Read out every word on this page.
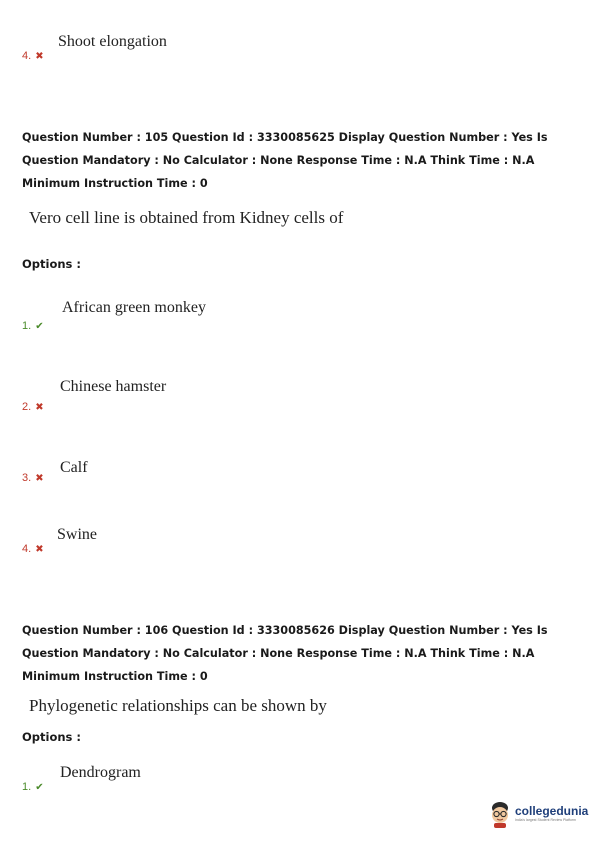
Shoot elongation
4. ✖
Question Number : 105 Question Id : 3330085625 Display Question Number : Yes Is Question Mandatory : No Calculator : None Response Time : N.A Think Time : N.A Minimum Instruction Time : 0
Vero cell line is obtained from Kidney cells of
Options :
African green monkey
1. ✔
Chinese hamster
2. ✖
Calf
3. ✖
Swine
4. ✖
Question Number : 106 Question Id : 3330085626 Display Question Number : Yes Is Question Mandatory : No Calculator : None Response Time : N.A Think Time : N.A Minimum Instruction Time : 0
Phylogenetic relationships can be shown by
Options :
Dendrogram
1. ✔
collegedunia
India's largest Student Review Platform
